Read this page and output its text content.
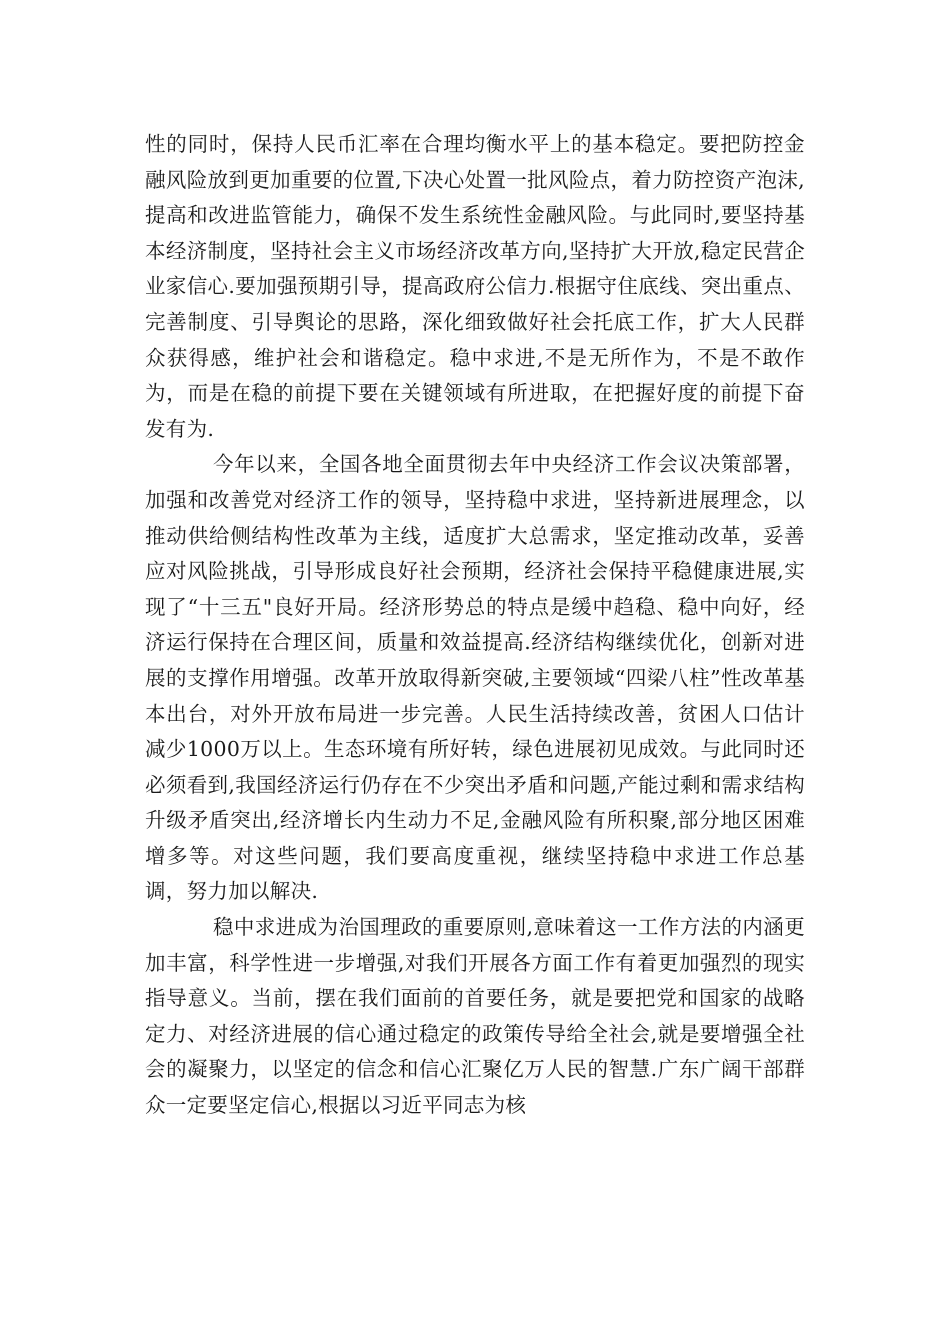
性的同时，保持人民币汇率在合理均衡水平上的基本稳定。要把防控金融风险放到更加重要的位置,下决心处置一批风险点，着力防控资产泡沫,提高和改进监管能力，确保不发生系统性金融风险。与此同时,要坚持基本经济制度，坚持社会主义市场经济改革方向,坚持扩大开放,稳定民营企业家信心.要加强预期引导，提高政府公信力.根据守住底线、突出重点、完善制度、引导舆论的思路，深化细致做好社会托底工作，扩大人民群众获得感，维护社会和谐稳定。稳中求进,不是无所作为，不是不敢作为，而是在稳的前提下要在关键领域有所进取，在把握好度的前提下奋发有为.

今年以来，全国各地全面贯彻去年中央经济工作会议决策部署，加强和改善党对经济工作的领导，坚持稳中求进，坚持新进展理念，以推动供给侧结构性改革为主线，适度扩大总需求，坚定推动改革，妥善应对风险挑战，引导形成良好社会预期，经济社会保持平稳健康进展,实现了“十三五"良好开局。经济形势总的特点是缓中趋稳、稳中向好，经济运行保持在合理区间，质量和效益提高.经济结构继续优化，创新对进展的支撑作用增强。改革开放取得新突破,主要领域“四梁八柱”性改革基本出台，对外开放布局进一步完善。人民生活持续改善，贫困人口估计减少1000万以上。生态环境有所好转，绿色进展初见成效。与此同时还必须看到,我国经济运行仍存在不少突出矛盾和问题,产能过剩和需求结构升级矛盾突出,经济增长内生动力不足,金融风险有所积聚,部分地区困难增多等。对这些问题，我们要高度重视，继续坚持稳中求进工作总基调，努力加以解决.

稳中求进成为治国理政的重要原则,意味着这一工作方法的内涵更加丰富，科学性进一步增强,对我们开展各方面工作有着更加强烈的现实指导意义。当前，摆在我们面前的首要任务，就是要把党和国家的战略定力、对经济进展的信心通过稳定的政策传导给全社会,就是要增强全社会的凝聚力，以坚定的信念和信心汇聚亿万人民的智慧.广东广阔干部群众一定要坚定信心,根据以习近平同志为核
